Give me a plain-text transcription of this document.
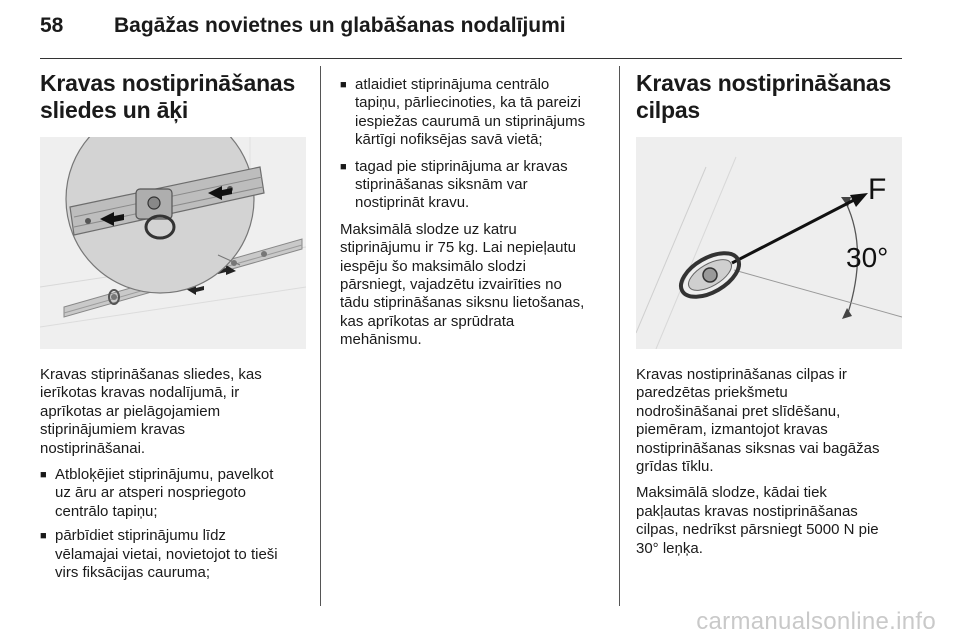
58 Bagāžas novietnes un glabāšanas nodalījumi
Kravas nostiprināšanas
sliedes un āķi

Kravas stiprināšanas sliedes, kas

ierīkotas kravas nodalījumā, ir

aprīkotas ar pielāgojamiem

stiprinājumiem kravas

nostiprināšanai.

■ Atbloķējiet stiprinājumu, pavelkot
uz āru ar atsperi nospriegoto
centrālo tapiņu;
■ pārbīdiet stiprinājumu līdz
vēlamajai vietai, novietojot to tieši
virs fiksācijas cauruma;
■ atlaidiet stiprinājuma centrālo
tapiņu, pārliecinoties, ka tā pareizi
iespiežas caurumā un stiprinājums
kārtīgi nofiksējas savā vietā;
■ tagad pie stiprinājuma ar kravas
stiprināšanas siksnām var
nostiprināt kravu.

Maksimālā slodze uz katru

stiprinājumu ir 75 kg. Lai nepieļautu

iespēju šo maksimālo slodzi

pārsniegt, vajadzētu izvairīties no

tādu stiprināšanas siksnu lietošanas,

kas aprīkotas ar sprūdrata

mehānismu.

Kravas nostiprināšanas
cilpas
F
30°

Kravas nostiprināšanas cilpas ir

paredzētas priekšmetu

nodrošināšanai pret slīdēšanu,

piemēram, izmantojot kravas

nostiprināšanas siksnas vai bagāžas

grīdas tīklu.

Maksimālā slodze, kādai tiek

pakļautas kravas nostiprināšanas

cilpas, nedrīkst pārsniegt 5000 N pie

30° leņķa.

carmanualsonline.info
